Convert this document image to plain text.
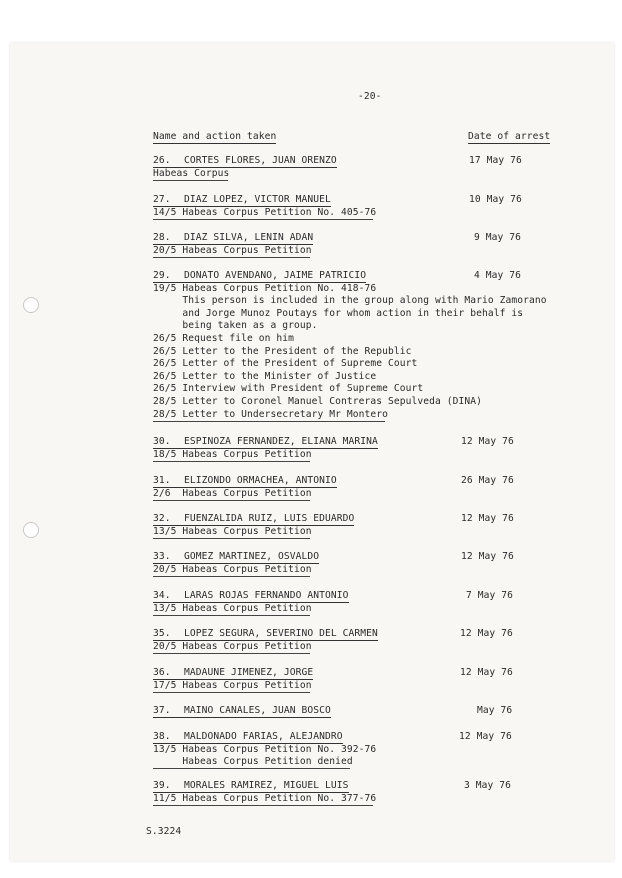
-20-
Name and action taken	Date of arrest
26. CORTES FLORES, JUAN ORENZO	17 May 76
Habeas Corpus
27. DIAZ LOPEZ, VICTOR MANUEL	10 May 76
14/5 Habeas Corpus Petition No. 405-76
28. DIAZ SILVA, LENIN ADAN	9 May 76
20/5 Habeas Corpus Petition
29. DONATO AVENDANO, JAIME PATRICIO	4 May 76
19/5 Habeas Corpus Petition No. 418-76
This person is included in the group along with Mario Zamorano
and Jorge Munoz Poutays for whom action in their behalf is
being taken as a group.
26/5 Request file on him
26/5 Letter to the President of the Republic
26/5 Letter of the President of Supreme Court
26/5 Letter to the Minister of Justice
26/5 Interview with President of Supreme Court
28/5 Letter to Coronel Manuel Contreras Sepulveda (DINA)
28/5 Letter to Undersecretary Mr Montero
30. ESPINOZA FERNANDEZ, ELIANA MARINA	12 May 76
18/5 Habeas Corpus Petition
31. ELIZONDO ORMACHEA, ANTONIO	26 May 76
2/6  Habeas Corpus Petition
32. FUENZALIDA RUIZ, LUIS EDUARDO	12 May 76
13/5 Habeas Corpus Petition
33. GOMEZ MARTINEZ, OSVALDO	12 May 76
20/5 Habeas Corpus Petition
34. LARAS ROJAS FERNANDO ANTONIO	7 May 76
13/5 Habeas Corpus Petition
35. LOPEZ SEGURA, SEVERINO DEL CARMEN	12 May 76
20/5 Habeas Corpus Petition
36. MADAUNE JIMENEZ, JORGE	12 May 76
17/5 Habeas Corpus Petition
37. MAINO CANALES, JUAN BOSCO	May 76
38. MALDONADO FARIAS, ALEJANDRO	12 May 76
13/5 Habeas Corpus Petition No. 392-76
Habeas Corpus Petition denied
39. MORALES RAMIREZ, MIGUEL LUIS	3 May 76
11/5 Habeas Corpus Petition No. 377-76
S.3224
